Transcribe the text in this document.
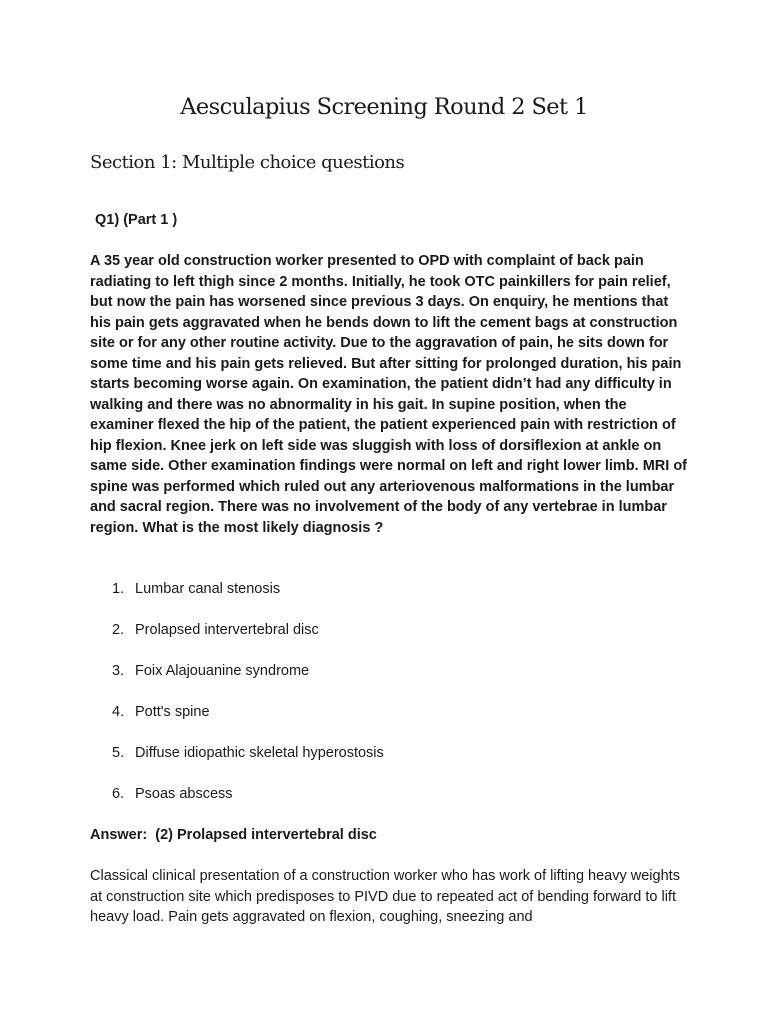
Aesculapius Screening Round 2 Set 1
Section 1: Multiple choice questions
Q1) (Part 1 )

A 35 year old construction worker presented to OPD with complaint of back pain radiating to left thigh since 2 months. Initially, he took OTC painkillers for pain relief, but now the pain has worsened since previous 3 days. On enquiry, he mentions that his pain gets aggravated when he bends down to lift the cement bags at construction site or for any other routine activity. Due to the aggravation of pain, he sits down for some time and his pain gets relieved. But after sitting for prolonged duration, his pain starts becoming worse again. On examination, the patient didn’t had any difficulty in walking and there was no abnormality in his gait. In supine position, when the examiner flexed the hip of the patient, the patient experienced pain with restriction of hip flexion. Knee jerk on left side was sluggish with loss of dorsiflexion at ankle on same side. Other examination findings were normal on left and right lower limb. MRI of spine was performed which ruled out any arteriovenous malformations in the lumbar and sacral region. There was no involvement of the body of any vertebrae in lumbar region. What is the most likely diagnosis ?

1. Lumbar canal stenosis
2. Prolapsed intervertebral disc
3. Foix Alajouanine syndrome
4. Pott's spine
5. Diffuse idiopathic skeletal hyperostosis
6. Psoas abscess
Answer:  (2) Prolapsed intervertebral disc

Classical clinical presentation of a construction worker who has work of lifting heavy weights at construction site which predisposes to PIVD due to repeated act of bending forward to lift heavy load. Pain gets aggravated on flexion, coughing, sneezing and
